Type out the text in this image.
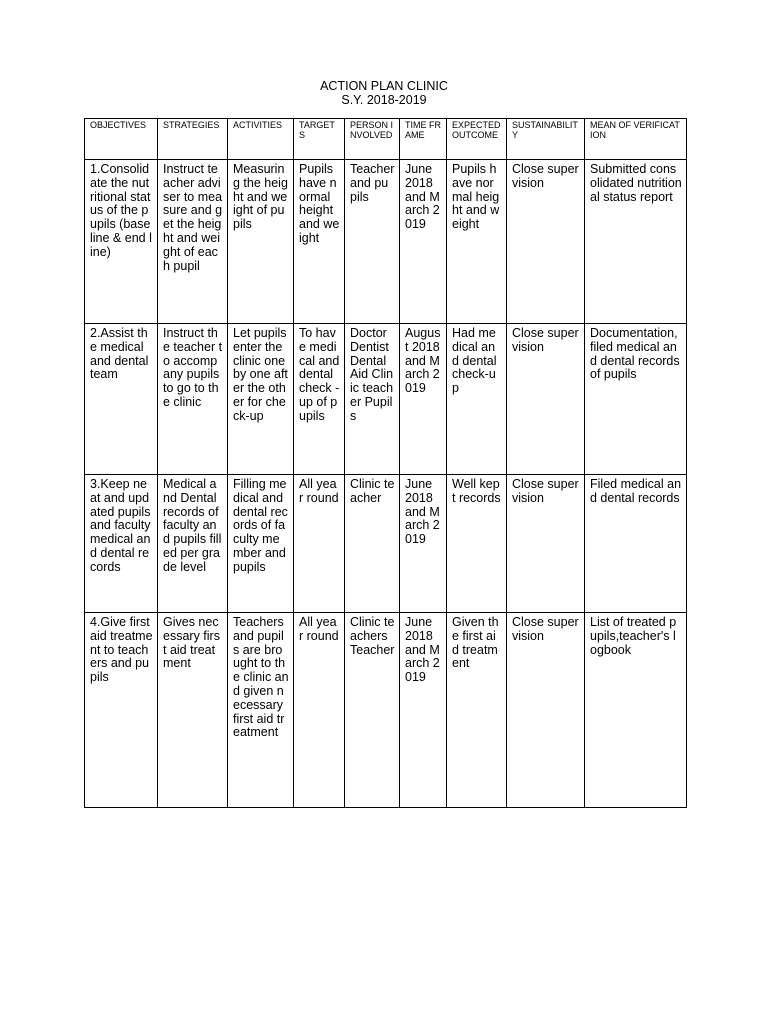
ACTION PLAN CLINIC
S.Y. 2018-2019
OBJECTIVES	STRATEGIES	ACTIVITIES	TARGETS	PERSON INVOLVED	TIME FRAME	EXPECTED OUTCOME	SUSTAINABILITY	MEAN OF VERIFICATION
1.Consolidate the nutritional status of the pupils (baseline & end line)	Instruct teacher adviser to measure and get the height and weight of each pupil	Measuring the height and weight of pupils	Pupils have normal height and weight	Teacher and pupils	June 2018 and March 2019	Pupils have normal height and weight	Close supervision	Submitted consolidated nutritional status report
2.Assist the medical and dental team	Instruct the teacher to accompany pupils to go to the clinic	Let pupils enter the clinic one by one after the other for check-up	To have medical and dental check -up of pupils	Doctor Dentist Dental Aid Clinic teacher Pupils	August 2018 and March 2019	Had medical and dental check-up	Close supervision	Documentation, filed medical and dental records of pupils
3.Keep neat and updated pupils and faculty medical and dental records	Medical and Dental records of faculty and pupils filled per grade level	Filling medical and dental records of faculty member and pupils	All year round	Clinic teacher	June 2018 and March 2019	Well kept records	Close supervision	Filed medical and dental records
4.Give first aid treatment to teachers and pupils	Gives necessary first aid treatment	Teachers and pupils are brought to the clinic and given necessary first aid treatment	All year round	Clinic teachers Teacher	June 2018 and March 2019	Given the first aid treatment	Close supervision	List of treated pupils,teacher's logbook
